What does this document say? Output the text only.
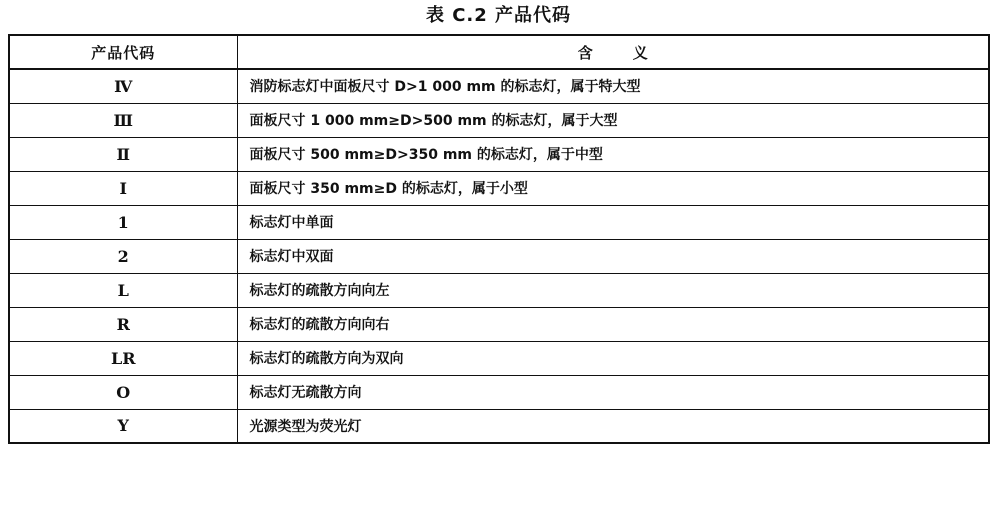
表 C.2 产品代码
产品代码	含义
Ⅳ	消防标志灯中面板尺寸 D>1 000 mm 的标志灯，属于特大型
Ⅲ	面板尺寸 1 000 mm≥D>500 mm 的标志灯，属于大型
Ⅱ	面板尺寸 500 mm≥D>350 mm 的标志灯，属于中型
Ⅰ	面板尺寸 350 mm≥D 的标志灯，属于小型
1	标志灯中单面
2	标志灯中双面
L	标志灯的疏散方向向左
R	标志灯的疏散方向向右
LR	标志灯的疏散方向为双向
O	标志灯无疏散方向
Y	光源类型为荧光灯
